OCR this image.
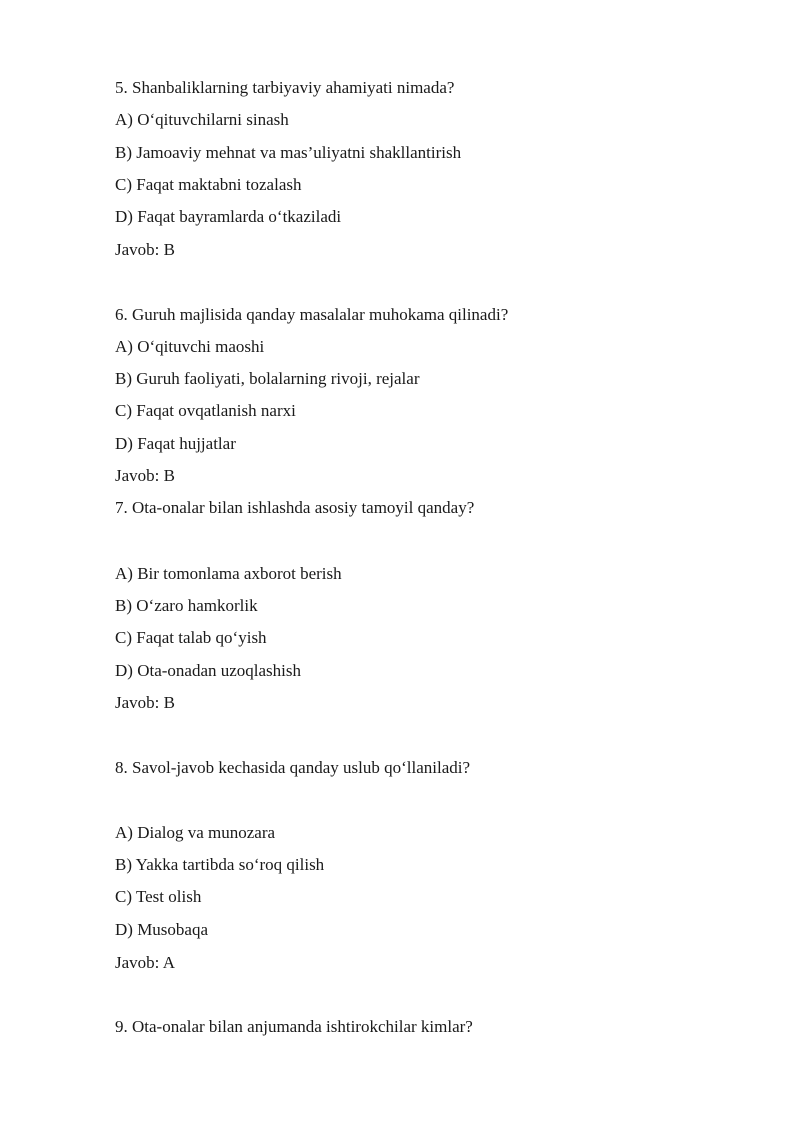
5. Shanbaliklarning tarbiyaviy ahamiyati nimada?
A) O‘qituvchilarni sinash
B) Jamoaviy mehnat va mas’uliyatni shakllantirish
C) Faqat maktabni tozalash
D) Faqat bayramlarda o‘tkaziladi
Javob: B
6. Guruh majlisida qanday masalalar muhokama qilinadi?
A) O‘qituvchi maoshi
B) Guruh faoliyati, bolalarning rivoji, rejalar
C) Faqat ovqatlanish narxi
D) Faqat hujjatlar
Javob: B
7. Ota-onalar bilan ishlashda asosiy tamoyil qanday?
A) Bir tomonlama axborot berish
B) O‘zaro hamkorlik
C) Faqat talab qo‘yish
D) Ota-onadan uzoqlashish
Javob: B
8. Savol-javob kechasida qanday uslub qo‘llaniladi?
A) Dialog va munozara
B) Yakka tartibda so‘roq qilish
C) Test olish
D) Musobaqa
Javob: A
9. Ota-onalar bilan anjumanda ishtirokchilar kimlar?
